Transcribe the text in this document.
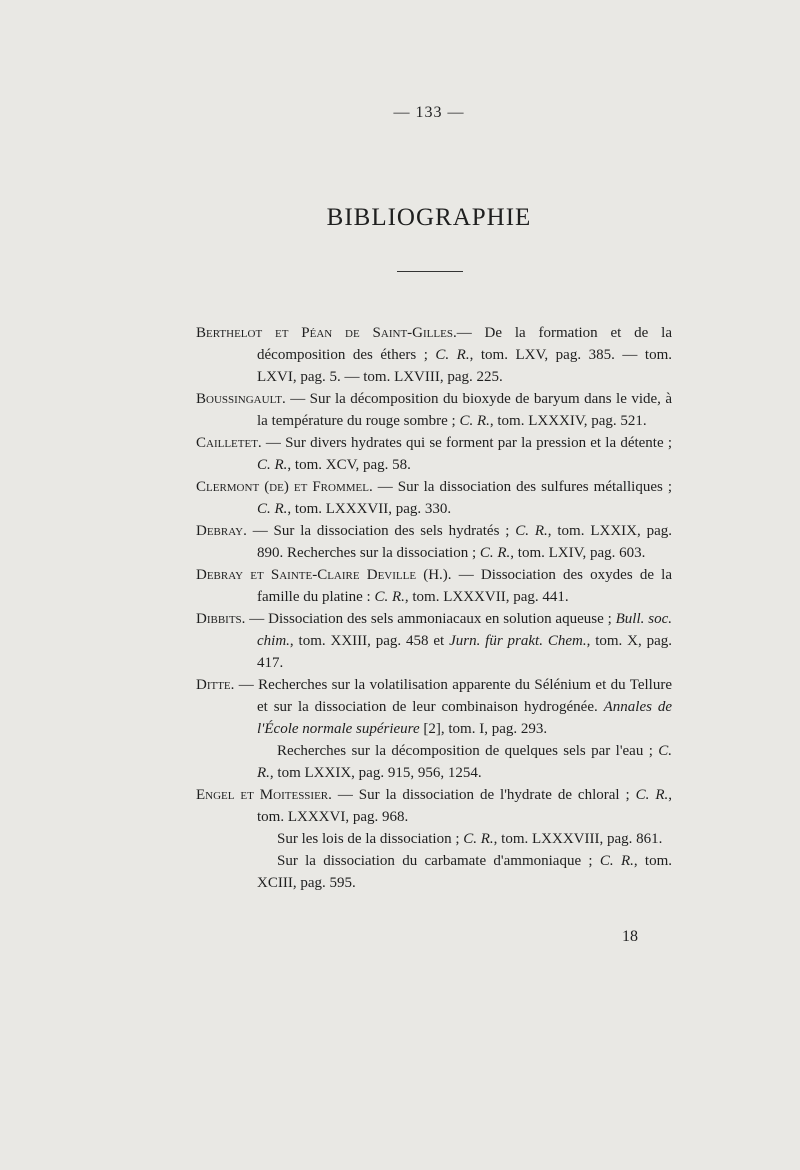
— 133 —
BIBLIOGRAPHIE
Berthelot et Péan de Saint-Gilles.— De la formation et de la décomposition des éthers ; C. R., tom. LXV, pag. 385. — tom. LXVI, pag. 5. — tom. LXVIII, pag. 225.
Boussingault. — Sur la décomposition du bioxyde de baryum dans le vide, à la température du rouge sombre ; C. R., tom. LXXXIV, pag. 521.
Cailletet. — Sur divers hydrates qui se forment par la pression et la détente ; C. R., tom. XCV, pag. 58.
Clermont (de) et Frommel. — Sur la dissociation des sulfures métalliques ; C. R., tom. LXXXVII, pag. 330.
Debray. — Sur la dissociation des sels hydratés ; C. R., tom. LXXIX, pag. 890. Recherches sur la dissociation ; C. R., tom. LXIV, pag. 603.
Debray et Sainte-Claire Deville (H.). — Dissociation des oxydes de la famille du platine : C. R., tom. LXXXVII, pag. 441.
Dibbits. — Dissociation des sels ammoniacaux en solution aqueuse ; Bull. soc. chim., tom. XXIII, pag. 458 et Jurn. für prakt. Chem., tom. X, pag. 417.
Ditte. — Recherches sur la volatilisation apparente du Sélénium et du Tellure et sur la dissociation de leur combinaison hydrogénée. Annales de l'École normale supérieure [2], tom. I, pag. 293.
Recherches sur la décomposition de quelques sels par l'eau ; C. R., tom LXXIX, pag. 915, 956, 1254.
Engel et Moitessier. — Sur la dissociation de l'hydrate de chloral ; C. R., tom. LXXXVI, pag. 968.
Sur les lois de la dissociation ; C. R., tom. LXXXVIII, pag. 861.
Sur la dissociation du carbamate d'ammoniaque ; C. R., tom. XCIII, pag. 595.
18
